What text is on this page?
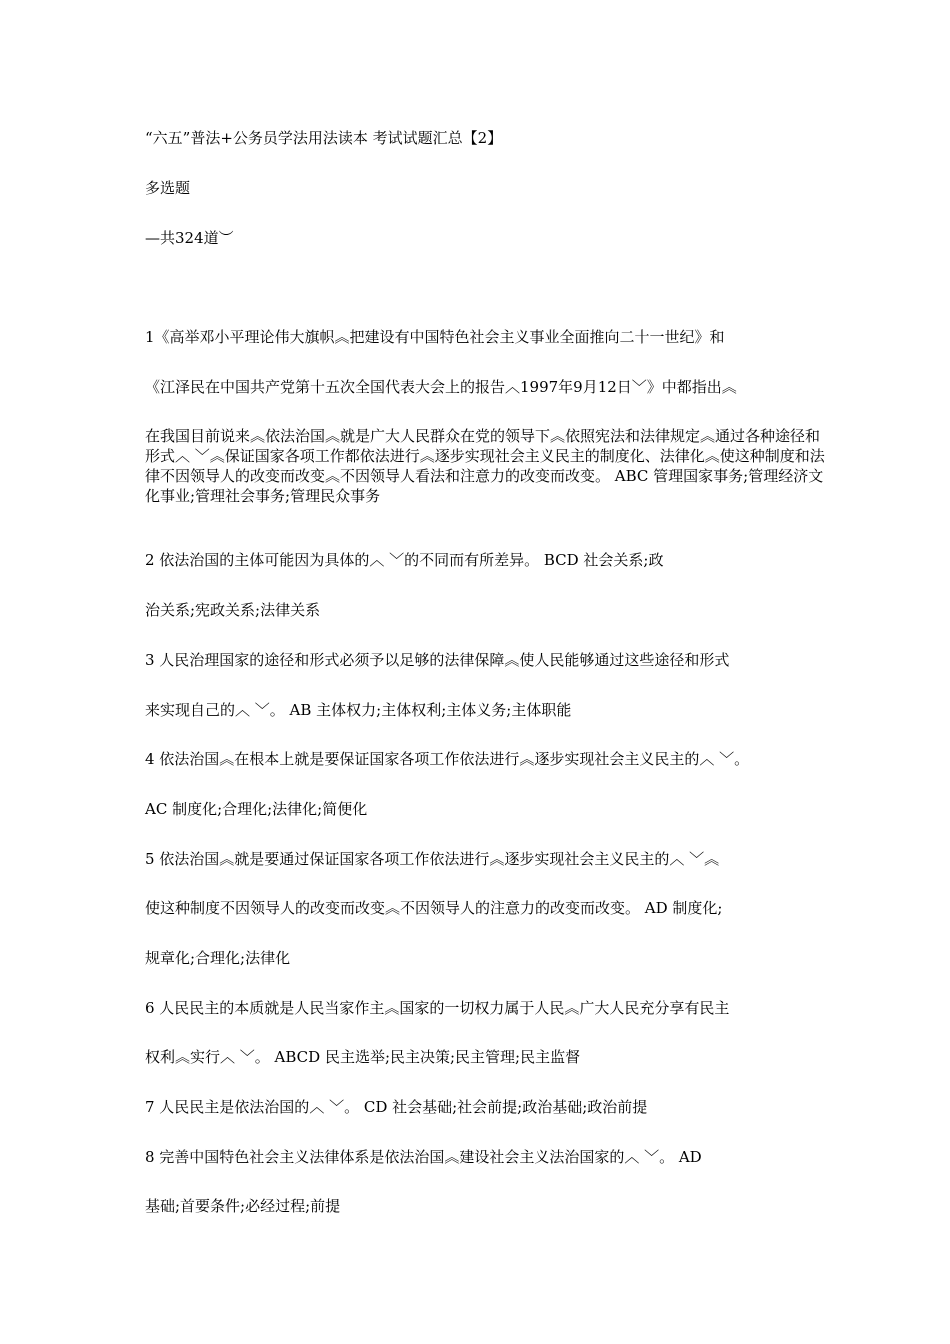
“六五”普法+公务员学法用法读本 考试试题汇总【2】
多选题
—共324道︶
1《高举邓小平理论伟大旗帜︽把建设有中国特色社会主义事业全面推向二十一世纪》和
《江泽民在中国共产党第十五次全国代表大会上的报告︿1997年9月12日﹀》中都指出︽
在我国目前说来︽依法治国︽就是广大人民群众在党的领导下︽依照宪法和法律规定︽通过各种途径和形式︿ ﹀︽保证国家各项工作都依法进行︽逐步实现社会主义民主的制度化、法律化︽使这种制度和法律不因领导人的改变而改变︽不因领导人看法和注意力的改变而改变。 ABC 管理国家事务;管理经济文化事业;管理社会事务;管理民众事务
2 依法治国的主体可能因为具体的︿ ﹀的不同而有所差异。 BCD 社会关系;政
治关系;宪政关系;法律关系
3 人民治理国家的途径和形式必须予以足够的法律保障︽使人民能够通过这些途径和形式
来实现自己的︿ ﹀。 AB 主体权力;主体权利;主体义务;主体职能
4 依法治国︽在根本上就是要保证国家各项工作依法进行︽逐步实现社会主义民主的︿ ﹀。
AC 制度化;合理化;法律化;简便化
5 依法治国︽就是要通过保证国家各项工作依法进行︽逐步实现社会主义民主的︿ ﹀︽
使这种制度不因领导人的改变而改变︽不因领导人的注意力的改变而改变。 AD 制度化;
规章化;合理化;法律化
6 人民民主的本质就是人民当家作主︽国家的一切权力属于人民︽广大人民充分享有民主
权利︽实行︿ ﹀。 ABCD 民主选举;民主决策;民主管理;民主监督
7 人民民主是依法治国的︿ ﹀。 CD 社会基础;社会前提;政治基础;政治前提
8 完善中国特色社会主义法律体系是依法治国︽建设社会主义法治国家的︿ ﹀。 AD
基础;首要条件;必经过程;前提
